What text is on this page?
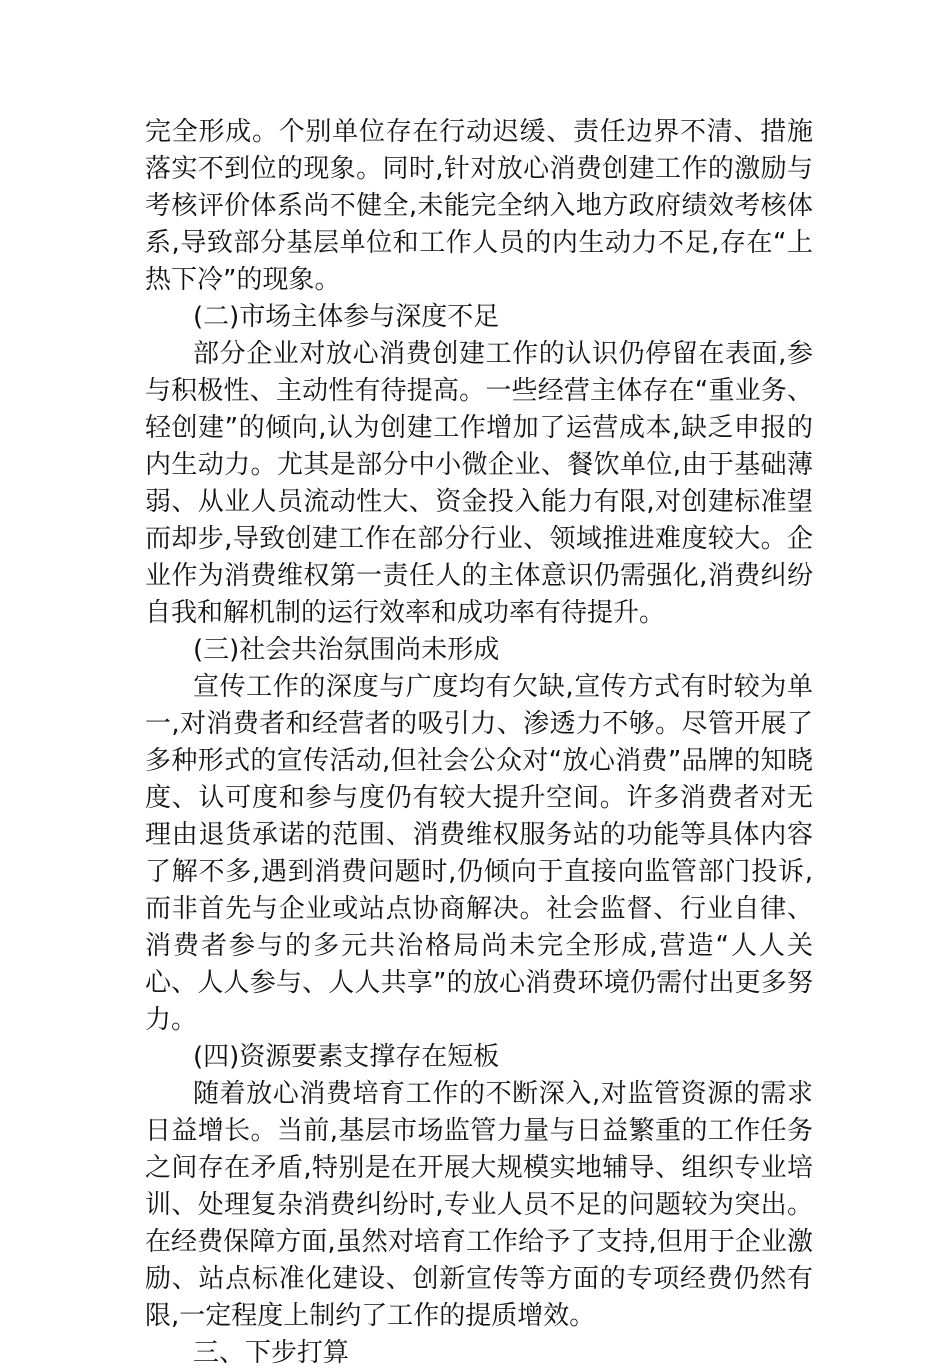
完全形成。个别单位存在行动迟缓、责任边界不清、措施落实不到位的现象。同时,针对放心消费创建工作的激励与考核评价体系尚不健全,未能完全纳入地方政府绩效考核体系,导致部分基层单位和工作人员的内生动力不足,存在“上热下冷”的现象。

(二)市场主体参与深度不足

部分企业对放心消费创建工作的认识仍停留在表面,参与积极性、主动性有待提高。一些经营主体存在“重业务、轻创建”的倾向,认为创建工作增加了运营成本,缺乏申报的内生动力。尤其是部分中小微企业、餐饮单位,由于基础薄弱、从业人员流动性大、资金投入能力有限,对创建标准望而却步,导致创建工作在部分行业、领域推进难度较大。企业作为消费维权第一责任人的主体意识仍需强化,消费纠纷自我和解机制的运行效率和成功率有待提升。

(三)社会共治氛围尚未形成

宣传工作的深度与广度均有欠缺,宣传方式有时较为单一,对消费者和经营者的吸引力、渗透力不够。尽管开展了多种形式的宣传活动,但社会公众对“放心消费”品牌的知晓度、认可度和参与度仍有较大提升空间。许多消费者对无理由退货承诺的范围、消费维权服务站的功能等具体内容了解不多,遇到消费问题时,仍倾向于直接向监管部门投诉,而非首先与企业或站点协商解决。社会监督、行业自律、消费者参与的多元共治格局尚未完全形成,营造“人人关心、人人参与、人人共享”的放心消费环境仍需付出更多努力。

(四)资源要素支撑存在短板

随着放心消费培育工作的不断深入,对监管资源的需求日益增长。当前,基层市场监管力量与日益繁重的工作任务之间存在矛盾,特别是在开展大规模实地辅导、组织专业培训、处理复杂消费纠纷时,专业人员不足的问题较为突出。在经费保障方面,虽然对培育工作给予了支持,但用于企业激励、站点标准化建设、创新宣传等方面的专项经费仍然有限,一定程度上制约了工作的提质增效。

三、下步打算
